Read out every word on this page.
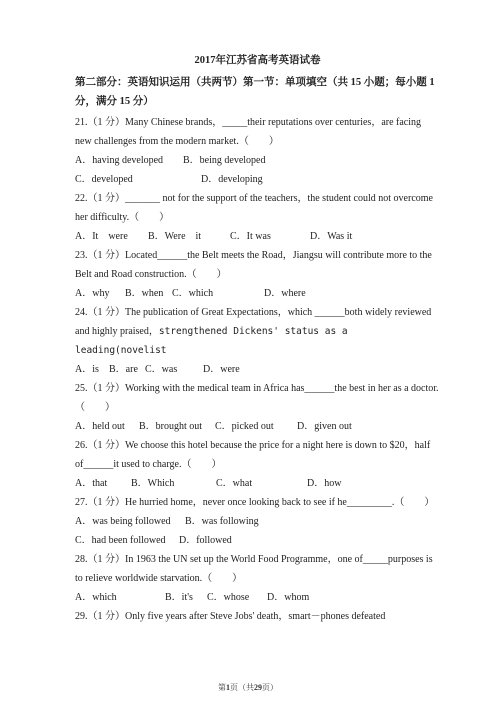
2017年江苏省高考英语试卷
第二部分：英语知识运用（共两节）第一节：单项填空（共 15 小题；每小题 1 分，满分 15 分）
21.（1 分）Many Chinese brands，_____their reputations over centuries，are facing new challenges from the modern market.（　　）
A．having developed	B．being developed
C．developed	D．developing
22.（1 分）_______ not for the support of the teachers，the student could not overcome her difficulty.（　　）
A．It　were	B．Were　it	C．It was	D．Was it
23.（1 分）Located______the Belt meets the Road，Jiangsu will contribute more to the Belt and Road construction.（　　）
A．why	B．when C．which	D．where
24.（1 分）The publication of Great Expectations，which ______both widely reviewed and highly praised，strengthened Dickens' status as a leading(novelist
A．is	B．are C．was	D．were
25.（1 分）Working with the medical team in Africa has______the best in her as a doctor.（　　）
A．held out	B．brought out	C．picked out	D．given out
26.（1 分）We choose this hotel because the price for a night here is down to $20，half of______it used to charge.（　　）
A．that	B．Which	C．what	D．how
27.（1 分）He hurried home，never once looking back to see if he_________.（　　）
A．was being followed	B．was following
C．had been followed	D．followed
28.（1 分）In 1963 the UN set up the World Food Programme，one of_____purposes is to relieve worldwide starvation.（　　）
A．which	B．it's	C．whose	D．whom
29.（1 分）Only five years after Steve Jobs' death，smart－phones defeated
第1页（共29页）
